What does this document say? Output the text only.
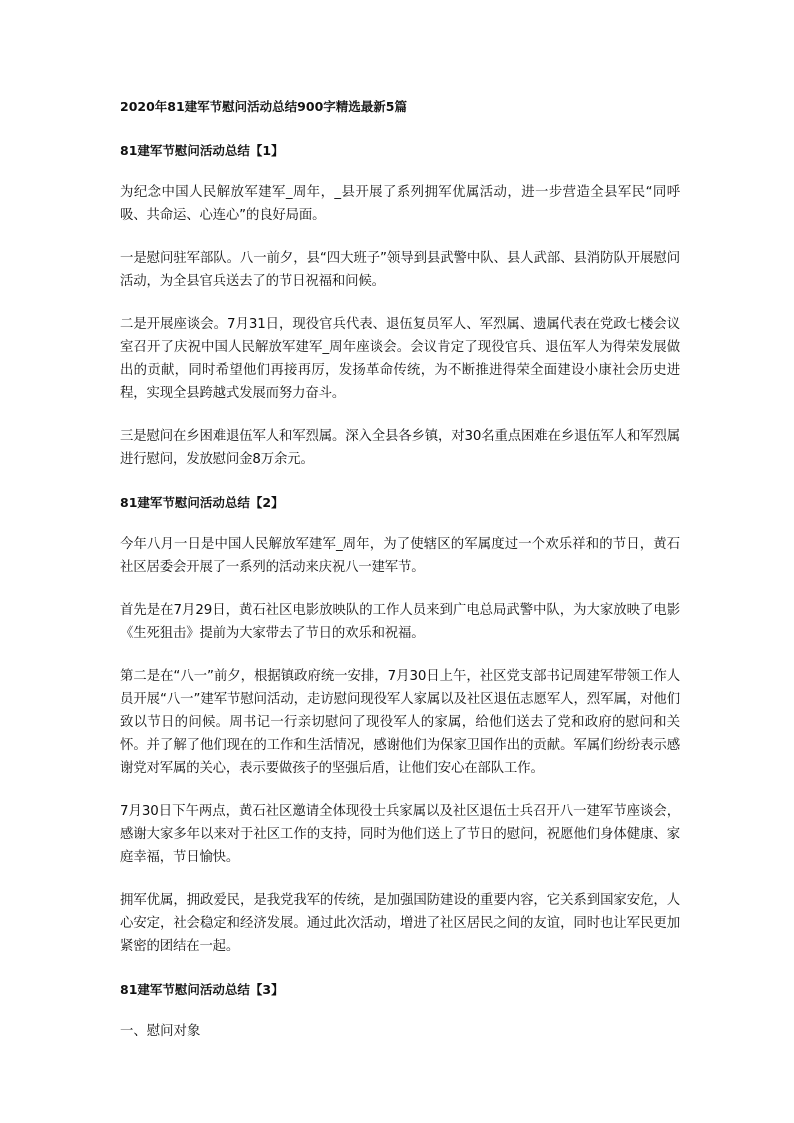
2020年81建军节慰问活动总结900字精选最新5篇
81建军节慰问活动总结【1】

为纪念中国人民解放军建军_周年，_县开展了系列拥军优属活动，进一步营造全县军民“同呼吸、共命运、心连心”的良好局面。

一是慰问驻军部队。八一前夕，县“四大班子”领导到县武警中队、县人武部、县消防队开展慰问活动，为全县官兵送去了的节日祝福和问候。

二是开展座谈会。7月31日，现役官兵代表、退伍复员军人、军烈属、遗属代表在党政七楼会议室召开了庆祝中国人民解放军建军_周年座谈会。会议肯定了现役官兵、退伍军人为得荣发展做出的贡献，同时希望他们再接再厉，发扬革命传统，为不断推进得荣全面建设小康社会历史进程，实现全县跨越式发展而努力奋斗。

三是慰问在乡困难退伍军人和军烈属。深入全县各乡镇，对30名重点困难在乡退伍军人和军烈属进行慰问，发放慰问金8万余元。

81建军节慰问活动总结【2】

今年八月一日是中国人民解放军建军_周年，为了使辖区的军属度过一个欢乐祥和的节日，黄石社区居委会开展了一系列的活动来庆祝八一建军节。

首先是在7月29日，黄石社区电影放映队的工作人员来到广电总局武警中队，为大家放映了电影《生死狙击》提前为大家带去了节日的欢乐和祝福。

第二是在“八一”前夕，根据镇政府统一安排，7月30日上午，社区党支部书记周建军带领工作人员开展“八一”建军节慰问活动，走访慰问现役军人家属以及社区退伍志愿军人，烈军属，对他们致以节日的问候。周书记一行亲切慰问了现役军人的家属，给他们送去了党和政府的慰问和关怀。并了解了他们现在的工作和生活情况，感谢他们为保家卫国作出的贡献。军属们纷纷表示感谢党对军属的关心，表示要做孩子的坚强后盾，让他们安心在部队工作。

7月30日下午两点，黄石社区邀请全体现役士兵家属以及社区退伍士兵召开八一建军节座谈会，感谢大家多年以来对于社区工作的支持，同时为他们送上了节日的慰问，祝愿他们身体健康、家庭幸福，节日愉快。

拥军优属，拥政爱民，是我党我军的传统，是加强国防建设的重要内容，它关系到国家安危，人心安定，社会稳定和经济发展。通过此次活动，增进了社区居民之间的友谊，同时也让军民更加紧密的团结在一起。

81建军节慰问活动总结【3】

一、慰问对象
